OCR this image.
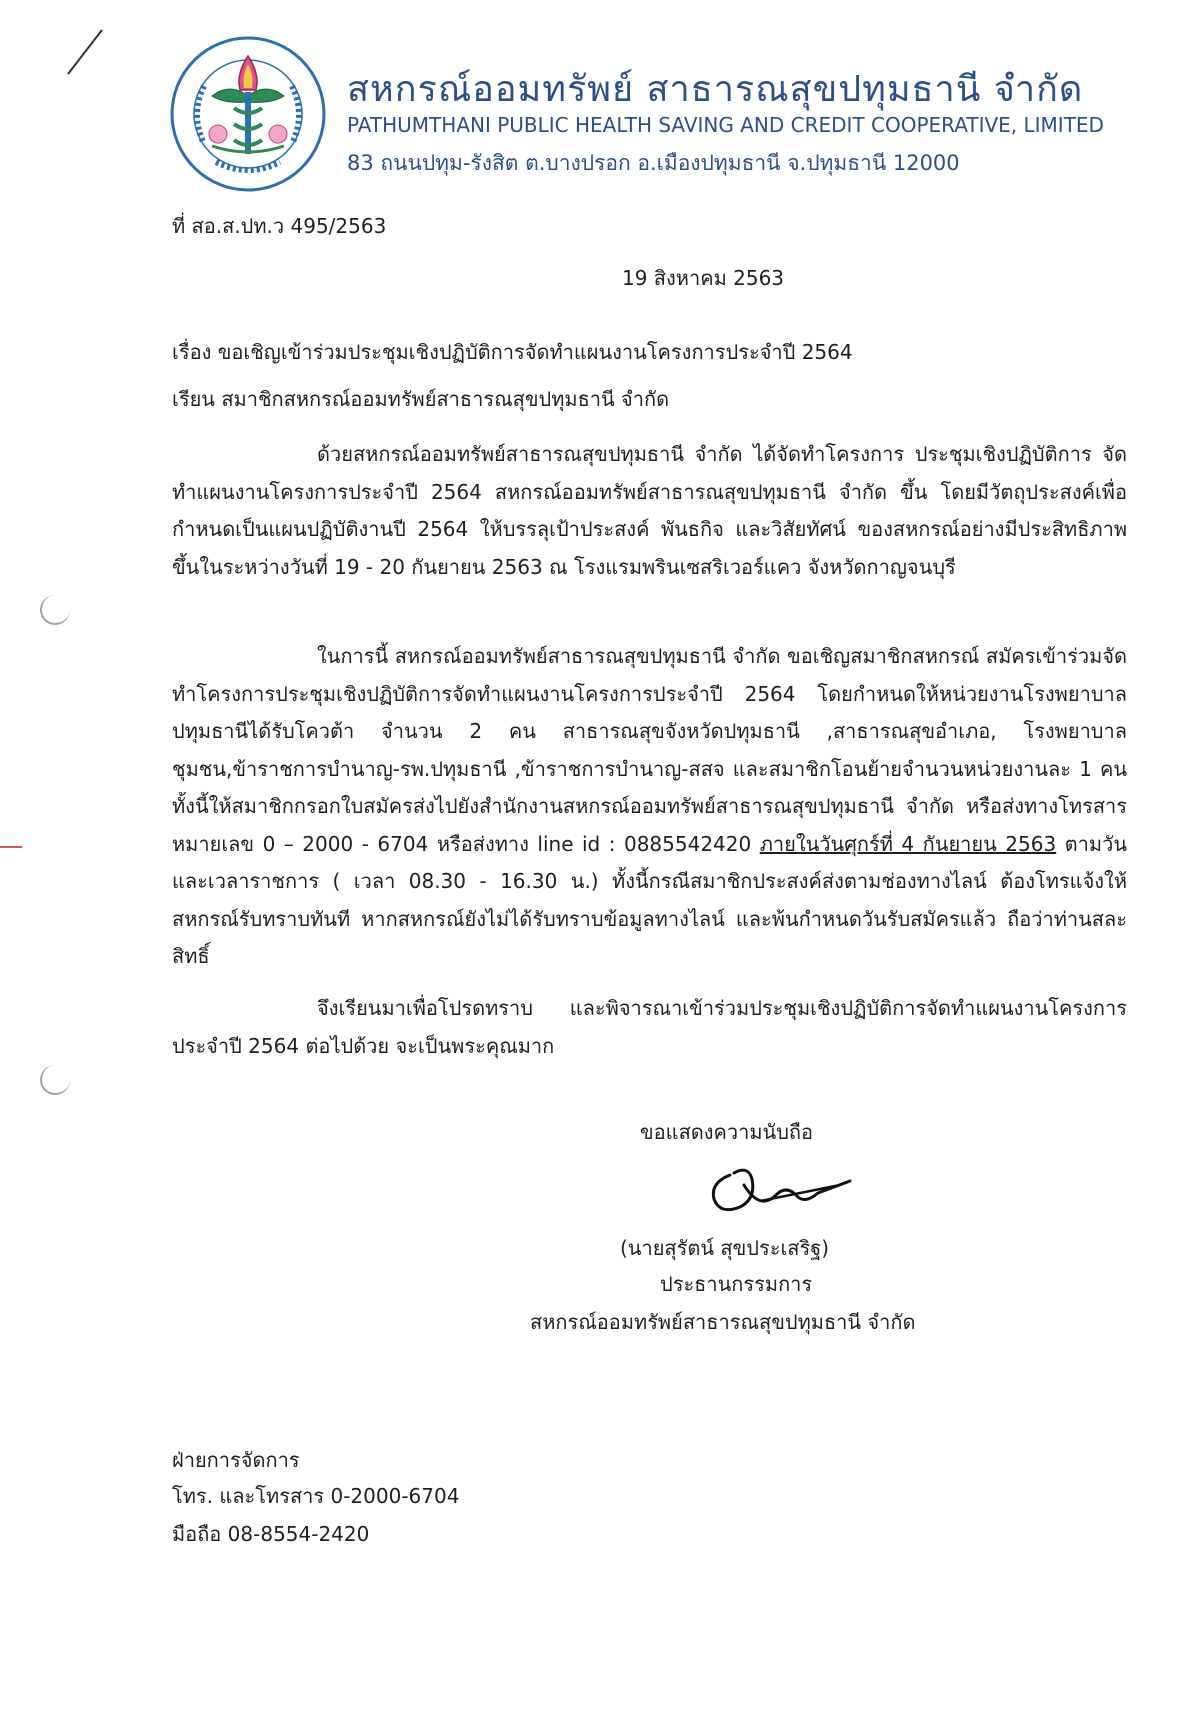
สหกรณ์ออมทรัพย์ สาธารณสุขปทุมธานี จำกัด
PATHUMTHANI PUBLIC HEALTH SAVING AND CREDIT COOPERATIVE, LIMITED
83 ถนนปทุม-รังสิต ต.บางปรอก อ.เมืองปทุมธานี จ.ปทุมธานี 12000
ที่ สอ.ส.ปท.ว 495/2563
19 สิงหาคม 2563
เรื่อง ขอเชิญเข้าร่วมประชุมเชิงปฏิบัติการจัดทำแผนงานโครงการประจำปี 2564
เรียน สมาชิกสหกรณ์ออมทรัพย์สาธารณสุขปทุมธานี จำกัด
ด้วยสหกรณ์ออมทรัพย์สาธารณสุขปทุมธานี จำกัด ได้จัดทำโครงการ ประชุมเชิงปฏิบัติการ จัดทำแผนงานโครงการประจำปี 2564 สหกรณ์ออมทรัพย์สาธารณสุขปทุมธานี จำกัด ขึ้น โดยมีวัตถุประสงค์เพื่อกำหนดเป็นแผนปฏิบัติงานปี 2564 ให้บรรลุเป้าประสงค์ พันธกิจ และวิสัยทัศน์ ของสหกรณ์อย่างมีประสิทธิภาพ ขึ้นในระหว่างวันที่ 19 - 20 กันยายน 2563 ณ โรงแรมพรินเซสริเวอร์แคว จังหวัดกาญจนบุรี
ในการนี้ สหกรณ์ออมทรัพย์สาธารณสุขปทุมธานี จำกัด ขอเชิญสมาชิกสหกรณ์ สมัครเข้าร่วมจัดทำโครงการประชุมเชิงปฏิบัติการจัดทำแผนงานโครงการประจำปี 2564 โดยกำหนดให้หน่วยงานโรงพยาบาลปทุมธานีได้รับโควต้า จำนวน 2 คน สาธารณสุขจังหวัดปทุมธานี ,สาธารณสุขอำเภอ, โรงพยาบาลชุมชน,ข้าราชการบำนาญ-รพ.ปทุมธานี ,ข้าราชการบำนาญ-สสจ และสมาชิกโอนย้ายจำนวนหน่วยงานละ 1 คน ทั้งนี้ให้สมาชิกกรอกใบสมัครส่งไปยังสำนักงานสหกรณ์ออมทรัพย์สาธารณสุขปทุมธานี จำกัด หรือส่งทางโทรสารหมายเลข 0 – 2000 - 6704 หรือส่งทาง line id : 0885542420 ภายในวันศุกร์ที่ 4 กันยายน 2563 ตามวัน และเวลาราชการ ( เวลา 08.30 - 16.30 น.) ทั้งนี้กรณีสมาชิกประสงค์ส่งตามช่องทางไลน์ ต้องโทรแจ้งให้สหกรณ์รับทราบทันที หากสหกรณ์ยังไม่ได้รับทราบข้อมูลทางไลน์ และพ้นกำหนดวันรับสมัครแล้ว ถือว่าท่านสละสิทธิ์
จึงเรียนมาเพื่อโปรดทราบ และพิจารณาเข้าร่วมประชุมเชิงปฏิบัติการจัดทำแผนงานโครงการประจำปี 2564 ต่อไปด้วย จะเป็นพระคุณมาก
ขอแสดงความนับถือ
(นายสุรัตน์ สุขประเสริฐ)
ประธานกรรมการ
สหกรณ์ออมทรัพย์สาธารณสุขปทุมธานี จำกัด
ฝ่ายการจัดการ
โทร. และโทรสาร 0-2000-6704
มือถือ 08-8554-2420
